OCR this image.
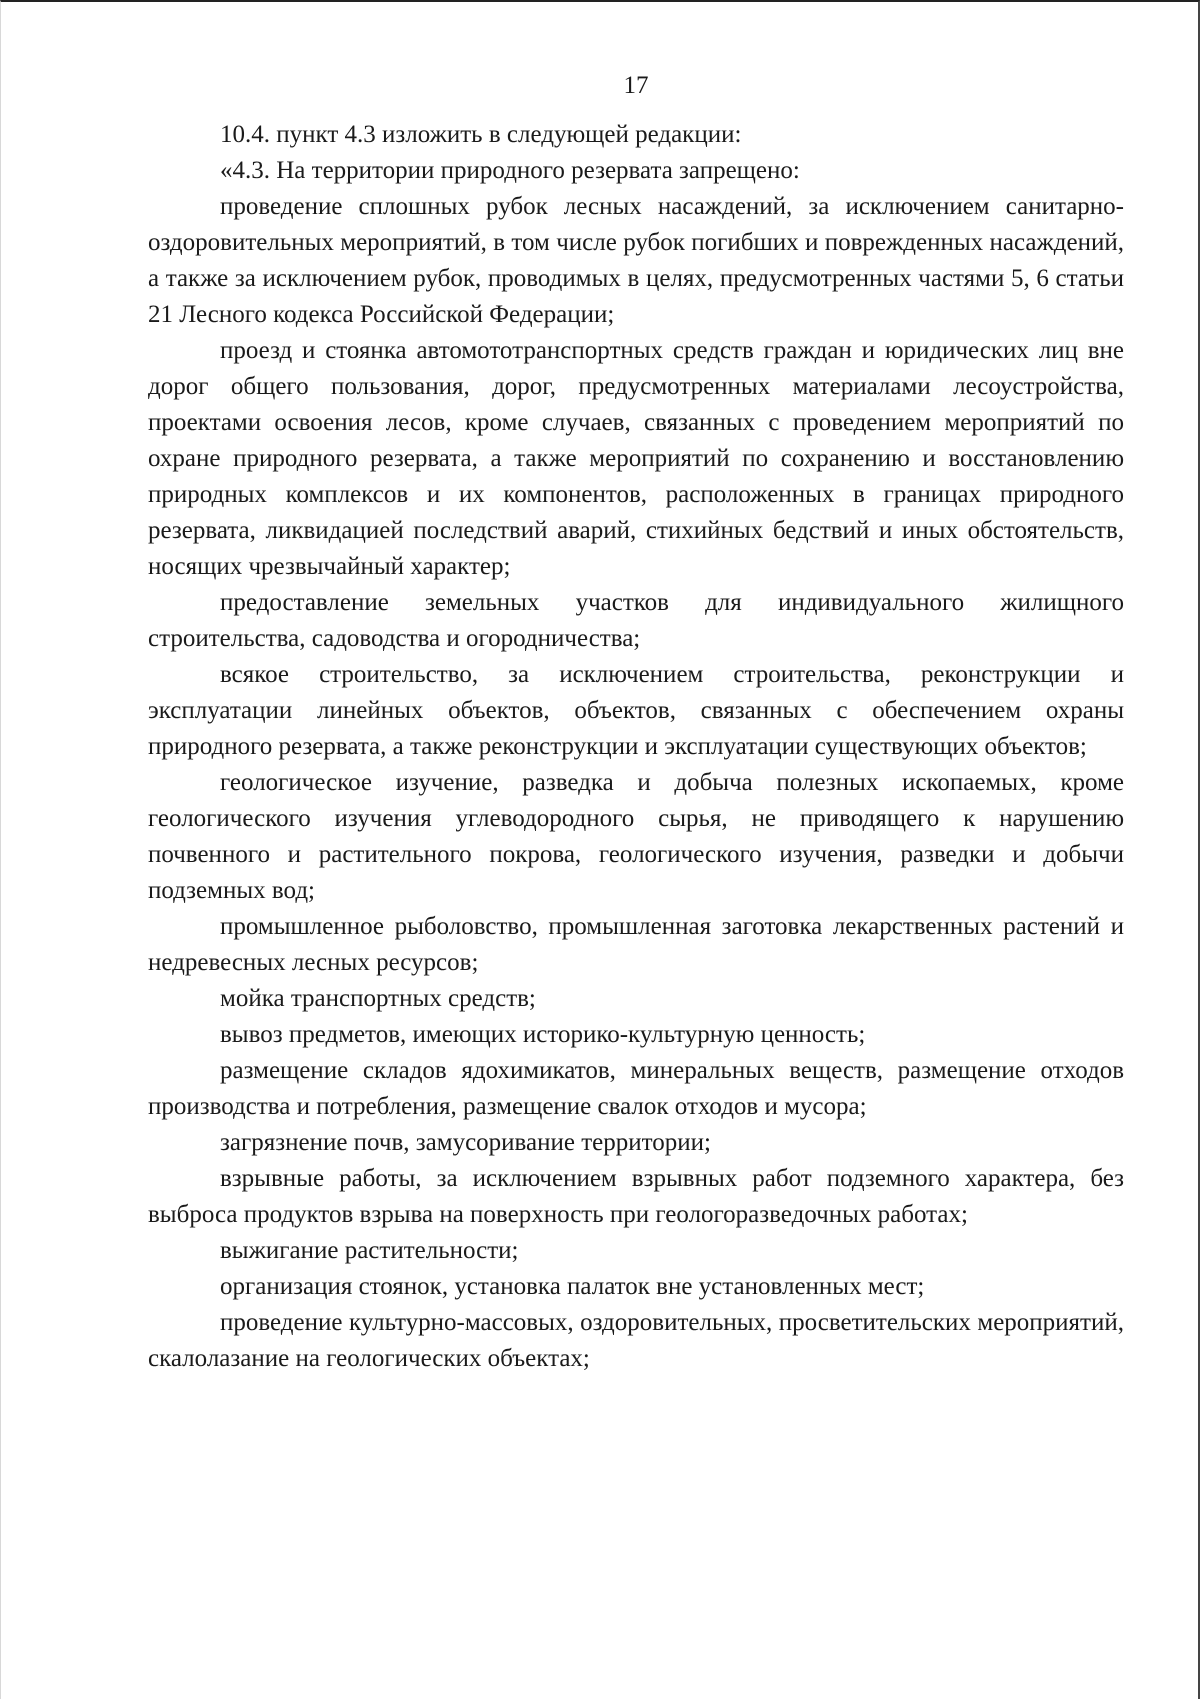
17

10.4. пункт 4.3 изложить в следующей редакции:

«4.3. На территории природного резервата запрещено:

проведение сплошных рубок лесных насаждений, за исключением санитарно-оздоровительных мероприятий, в том числе рубок погибших и поврежденных насаждений, а также за исключением рубок, проводимых в целях, предусмотренных частями 5, 6 статьи 21 Лесного кодекса Российской Федерации;

проезд и стоянка автомототранспортных средств граждан и юридических лиц вне дорог общего пользования, дорог, предусмотренных материалами лесоустройства, проектами освоения лесов, кроме случаев, связанных с проведением мероприятий по охране природного резервата, а также мероприятий по сохранению и восстановлению природных комплексов и их компонентов, расположенных в границах природного резервата, ликвидацией последствий аварий, стихийных бедствий и иных обстоятельств, носящих чрезвычайный характер;

предоставление земельных участков для индивидуального жилищного строительства, садоводства и огородничества;

всякое строительство, за исключением строительства, реконструкции и эксплуатации линейных объектов, объектов, связанных с обеспечением охраны природного резервата, а также реконструкции и эксплуатации существующих объектов;

геологическое изучение, разведка и добыча полезных ископаемых, кроме геологического изучения углеводородного сырья, не приводящего к нарушению почвенного и растительного покрова, геологического изучения, разведки и добычи подземных вод;

промышленное рыболовство, промышленная заготовка лекарственных растений и недревесных лесных ресурсов;

мойка транспортных средств;

вывоз предметов, имеющих историко-культурную ценность;

размещение складов ядохимикатов, минеральных веществ, размещение отходов производства и потребления, размещение свалок отходов и мусора;

загрязнение почв, замусоривание территории;

взрывные работы, за исключением взрывных работ подземного характера, без выброса продуктов взрыва на поверхность при геологоразведочных работах;

выжигание растительности;

организация стоянок, установка палаток вне установленных мест;

проведение культурно-массовых, оздоровительных, просветительских мероприятий, скалолазание на геологических объектах;
